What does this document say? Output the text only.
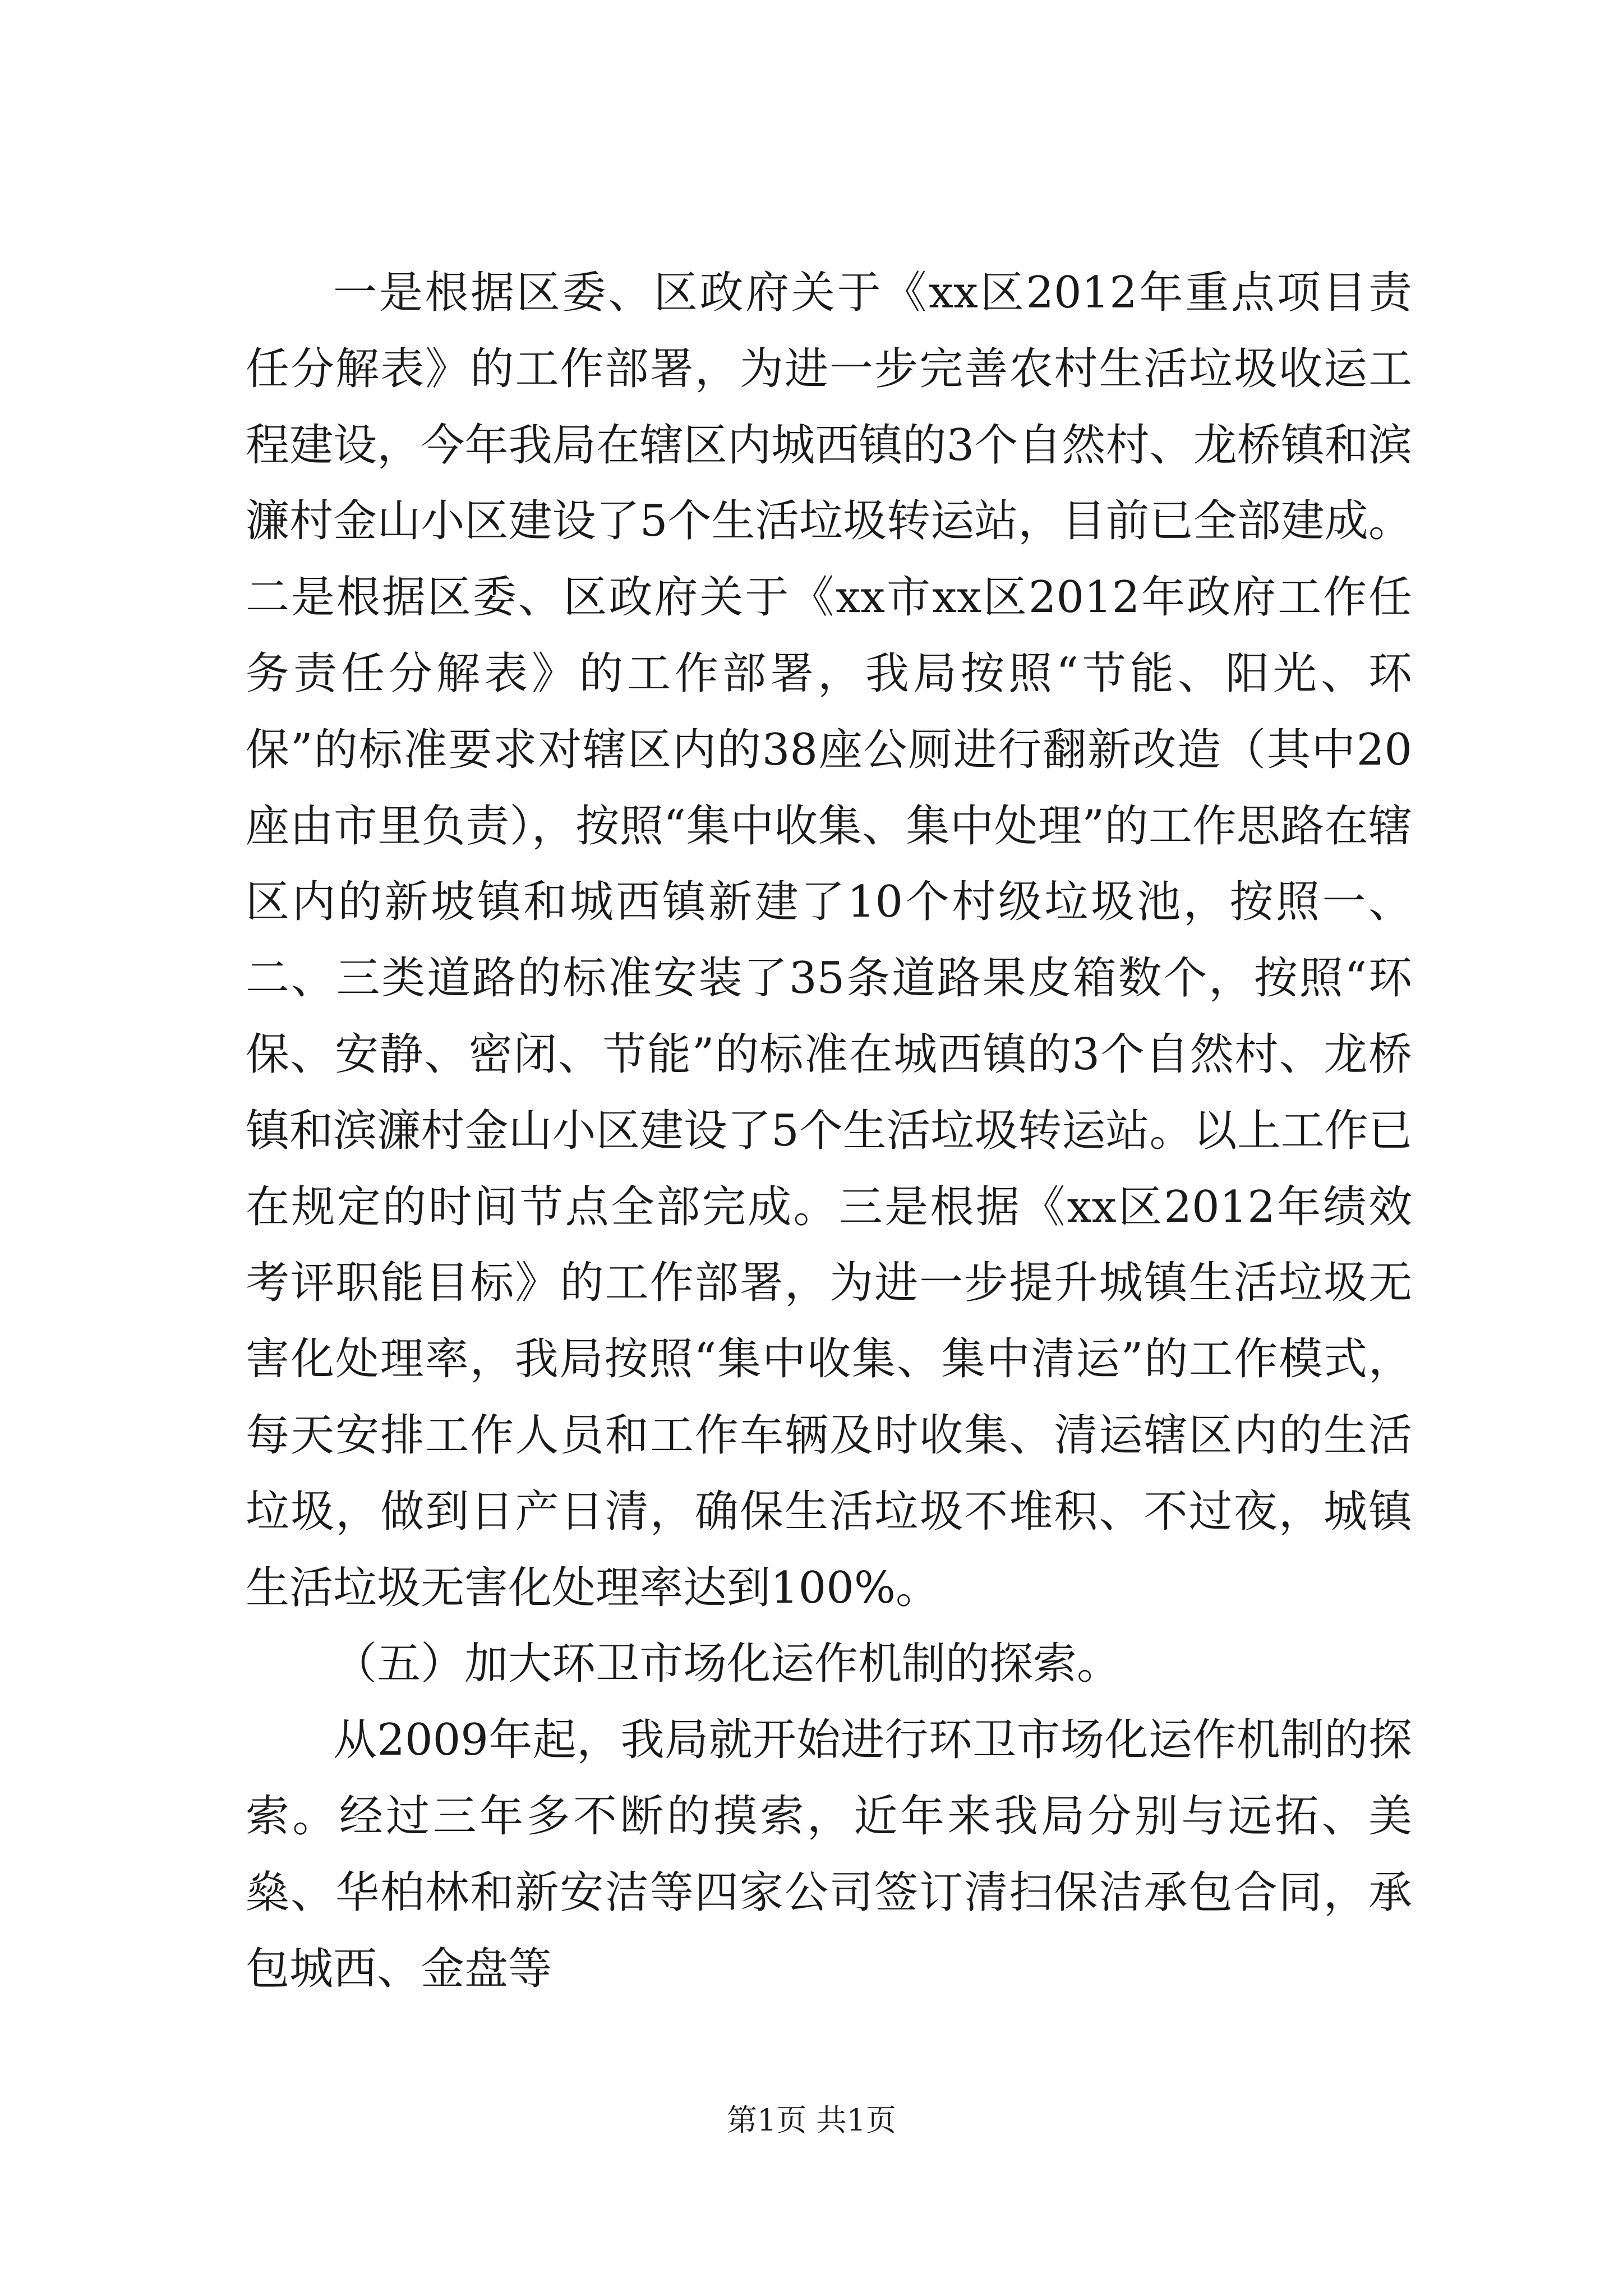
一是根据区委、区政府关于《xx区2012年重点项目责任分解表》的工作部署，为进一步完善农村生活垃圾收运工程建设，今年我局在辖区内城西镇的3个自然村、龙桥镇和滨濂村金山小区建设了5个生活垃圾转运站，目前已全部建成。二是根据区委、区政府关于《xx市xx区2012年政府工作任务责任分解表》的工作部署，我局按照“节能、阳光、环保”的标准要求对辖区内的38座公厕进行翻新改造（其中20座由市里负责），按照“集中收集、集中处理”的工作思路在辖区内的新坡镇和城西镇新建了10个村级垃圾池，按照一、二、三类道路的标准安装了35条道路果皮箱数个，按照“环保、安静、密闭、节能”的标准在城西镇的3个自然村、龙桥镇和滨濂村金山小区建设了5个生活垃圾转运站。以上工作已在规定的时间节点全部完成。三是根据《xx区2012年绩效考评职能目标》的工作部署，为进一步提升城镇生活垃圾无害化处理率，我局按照“集中收集、集中清运”的工作模式，每天安排工作人员和工作车辆及时收集、清运辖区内的生活垃圾，做到日产日清，确保生活垃圾不堆积、不过夜，城镇生活垃圾无害化处理率达到100%。

（五）加大环卫市场化运作机制的探索。

从2009年起，我局就开始进行环卫市场化运作机制的探索。经过三年多不断的摸索，近年来我局分别与远拓、美燊、华柏林和新安洁等四家公司签订清扫保洁承包合同，承包城西、金盘等

第1页 共1页
